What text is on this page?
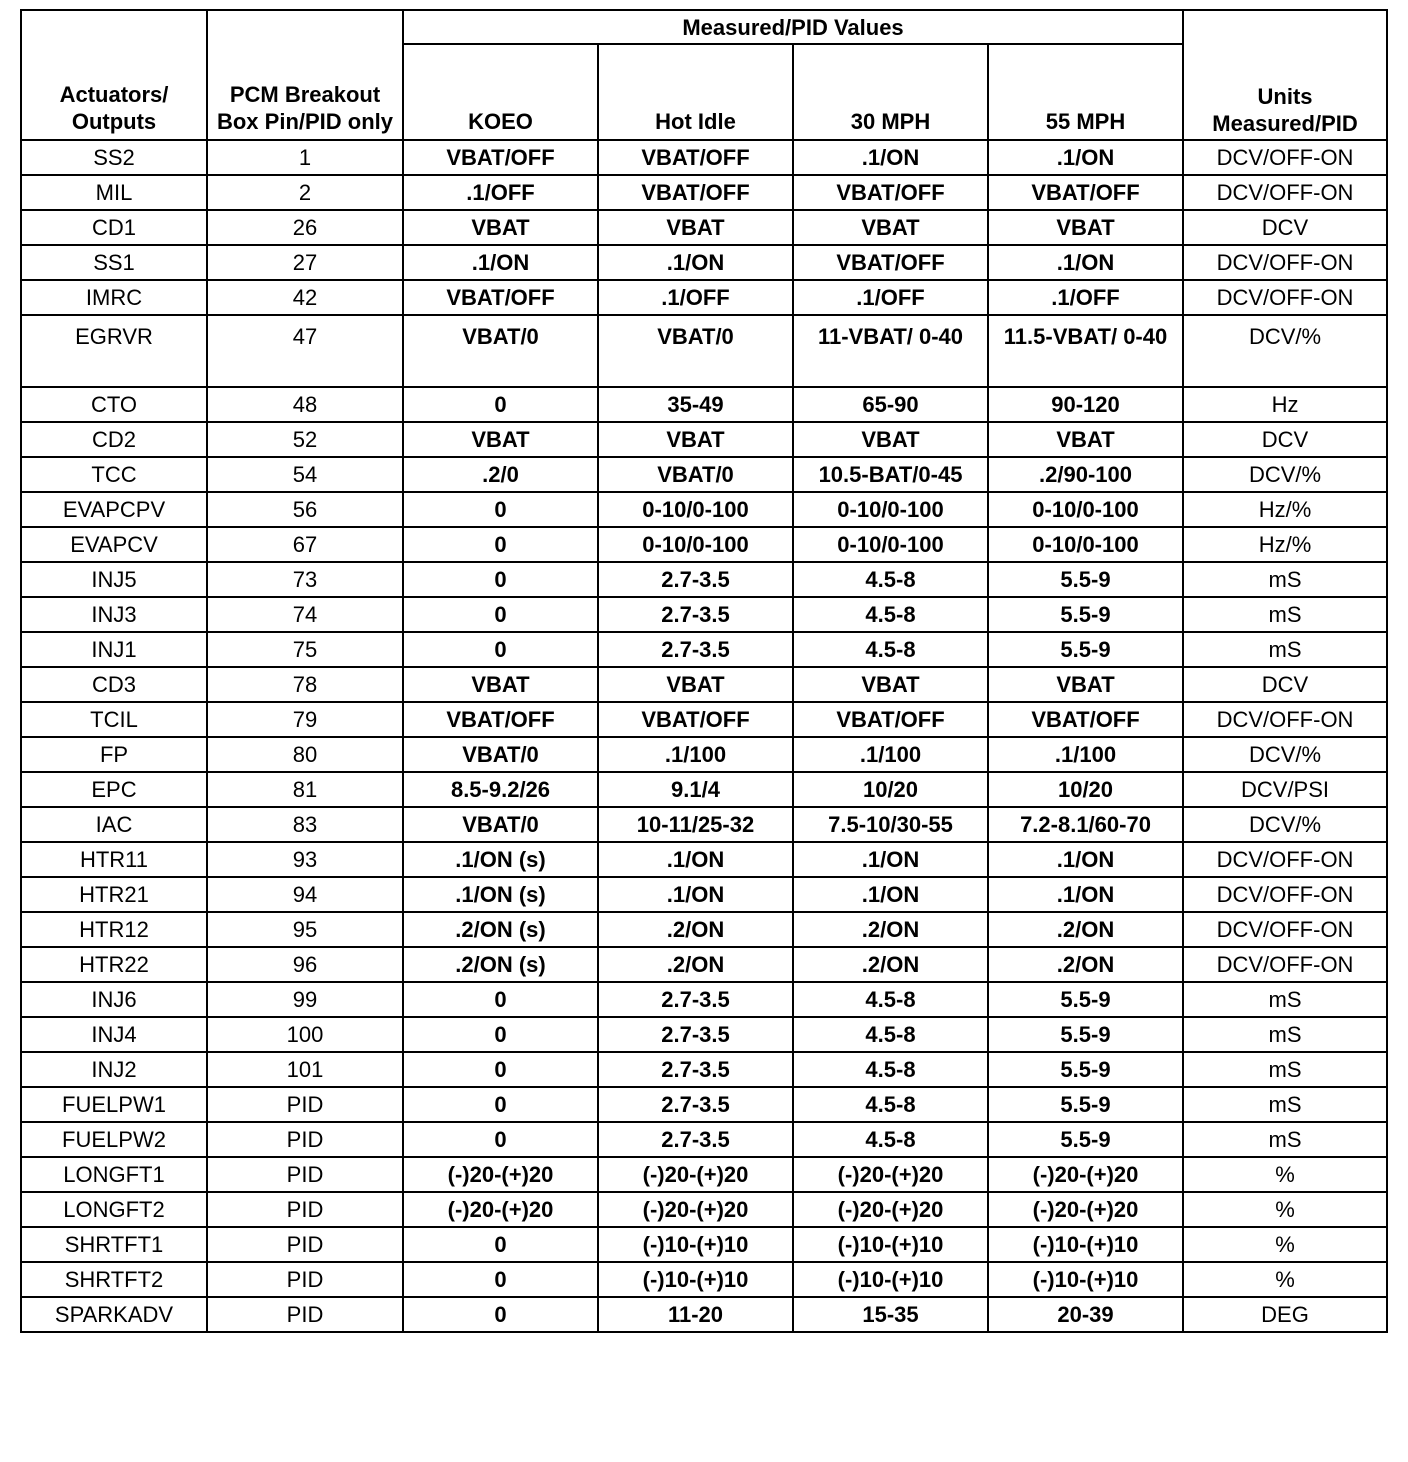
Actuators/ Outputs	PCM Breakout Box Pin/PID only	Measured/PID Values				Units Measured/PID
		KOEO	Hot Idle	30 MPH	55 MPH	
SS2	1	VBAT/OFF	VBAT/OFF	.1/ON	.1/ON	DCV/OFF-ON
MIL	2	.1/OFF	VBAT/OFF	VBAT/OFF	VBAT/OFF	DCV/OFF-ON
CD1	26	VBAT	VBAT	VBAT	VBAT	DCV
SS1	27	.1/ON	.1/ON	VBAT/OFF	.1/ON	DCV/OFF-ON
IMRC	42	VBAT/OFF	.1/OFF	.1/OFF	.1/OFF	DCV/OFF-ON
EGRVR	47	VBAT/0	VBAT/0	11-VBAT/ 0-40	11.5-VBAT/ 0-40	DCV/%
CTO	48	0	35-49	65-90	90-120	Hz
CD2	52	VBAT	VBAT	VBAT	VBAT	DCV
TCC	54	.2/0	VBAT/0	10.5-BAT/0-45	.2/90-100	DCV/%
EVAPCPV	56	0	0-10/0-100	0-10/0-100	0-10/0-100	Hz/%
EVAPCV	67	0	0-10/0-100	0-10/0-100	0-10/0-100	Hz/%
INJ5	73	0	2.7-3.5	4.5-8	5.5-9	mS
INJ3	74	0	2.7-3.5	4.5-8	5.5-9	mS
INJ1	75	0	2.7-3.5	4.5-8	5.5-9	mS
CD3	78	VBAT	VBAT	VBAT	VBAT	DCV
TCIL	79	VBAT/OFF	VBAT/OFF	VBAT/OFF	VBAT/OFF	DCV/OFF-ON
FP	80	VBAT/0	.1/100	.1/100	.1/100	DCV/%
EPC	81	8.5-9.2/26	9.1/4	10/20	10/20	DCV/PSI
IAC	83	VBAT/0	10-11/25-32	7.5-10/30-55	7.2-8.1/60-70	DCV/%
HTR11	93	.1/ON (s)	.1/ON	.1/ON	.1/ON	DCV/OFF-ON
HTR21	94	.1/ON (s)	.1/ON	.1/ON	.1/ON	DCV/OFF-ON
HTR12	95	.2/ON (s)	.2/ON	.2/ON	.2/ON	DCV/OFF-ON
HTR22	96	.2/ON (s)	.2/ON	.2/ON	.2/ON	DCV/OFF-ON
INJ6	99	0	2.7-3.5	4.5-8	5.5-9	mS
INJ4	100	0	2.7-3.5	4.5-8	5.5-9	mS
INJ2	101	0	2.7-3.5	4.5-8	5.5-9	mS
FUELPW1	PID	0	2.7-3.5	4.5-8	5.5-9	mS
FUELPW2	PID	0	2.7-3.5	4.5-8	5.5-9	mS
LONGFT1	PID	(-)20-(+)20	(-)20-(+)20	(-)20-(+)20	(-)20-(+)20	%
LONGFT2	PID	(-)20-(+)20	(-)20-(+)20	(-)20-(+)20	(-)20-(+)20	%
SHRTFT1	PID	0	(-)10-(+)10	(-)10-(+)10	(-)10-(+)10	%
SHRTFT2	PID	0	(-)10-(+)10	(-)10-(+)10	(-)10-(+)10	%
SPARKADV	PID	0	11-20	15-35	20-39	DEG
